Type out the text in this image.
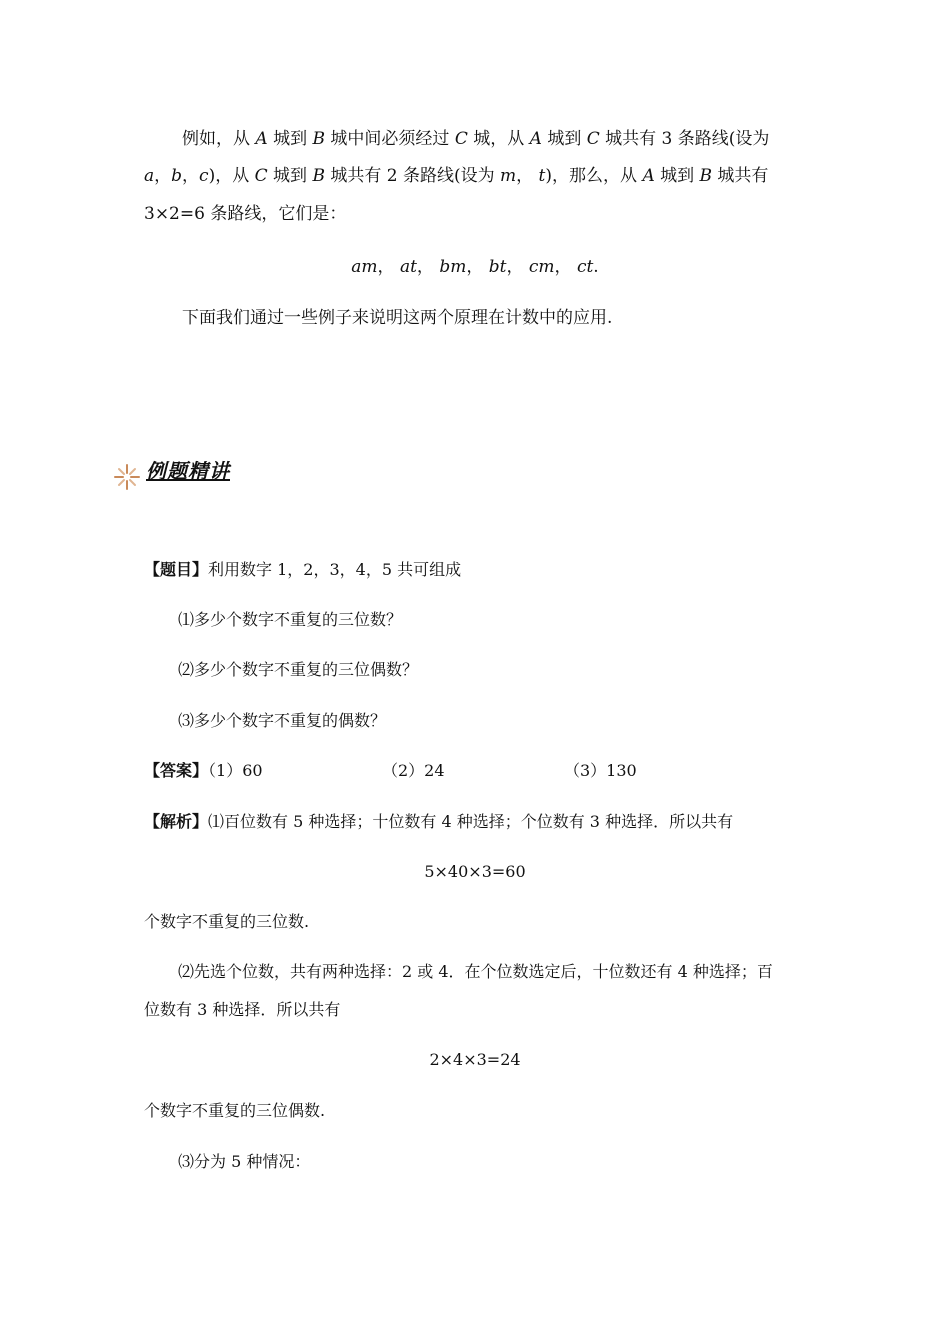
例如，从 A 城到 B 城中间必须经过 C 城，从 A 城到 C 城共有 3 条路线(设为
a，b，c)，从 C 城到 B 城共有 2 条路线(设为 m， t)，那么，从 A 城到 B 城共有
3×2=6 条路线，它们是：
am， at， bm， bt， cm， ct.
下面我们通过一些例子来说明这两个原理在计数中的应用.
例题精讲
【题目】利用数字 1，2，3，4，5 共可组成
⑴多少个数字不重复的三位数？
⑵多少个数字不重复的三位偶数？
⑶多少个数字不重复的偶数？
【答案】（1）60	（2）24	（3）130
【解析】⑴百位数有 5 种选择；十位数有 4 种选择；个位数有 3 种选择．所以共有
5×40×3=60
个数字不重复的三位数.
⑵先选个位数，共有两种选择：2 或 4．在个位数选定后，十位数还有 4 种选择；百
位数有 3 种选择．所以共有
2×4×3=24
个数字不重复的三位偶数.
⑶分为 5 种情况：
